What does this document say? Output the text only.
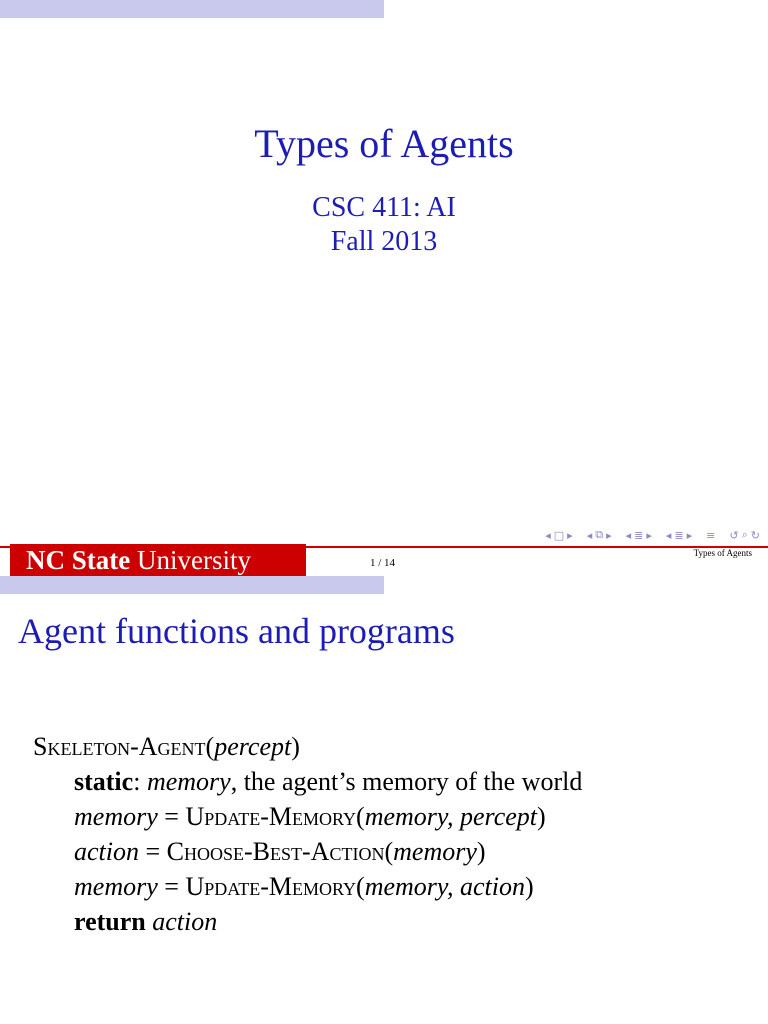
Types of Agents
CSC 411: AI
Fall 2013
◂ □ ▸ ◂ ⧉ ▸ ◂ ≣ ▸ ◂ ≣ ▸ ≡ ↺ ⌕ ↻
NC State University	1 / 14
Types of Agents
Agent functions and programs
Skeleton-Agent(percept)
static: memory, the agent’s memory of the world
memory = Update-Memory(memory, percept)
action = Choose-Best-Action(memory)
memory = Update-Memory(memory, action)
return action
